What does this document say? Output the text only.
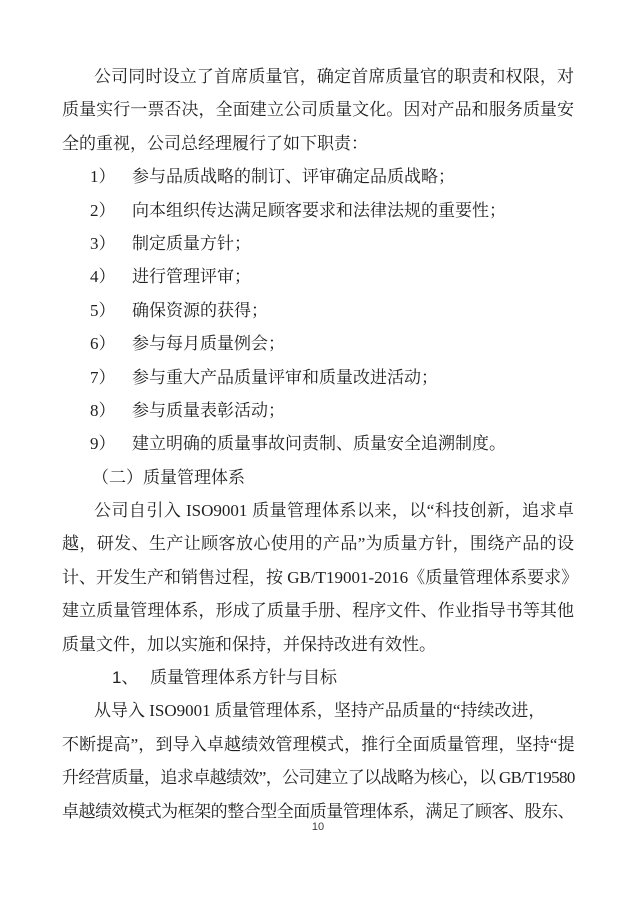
公司同时设立了首席质量官，确定首席质量官的职责和权限，对
质量实行一票否决，全面建立公司质量文化。因对产品和服务质量安
全的重视，公司总经理履行了如下职责：
1） 参与品质战略的制订、评审确定品质战略；
2） 向本组织传达满足顾客要求和法律法规的重要性；
3） 制定质量方针；
4） 进行管理评审；
5） 确保资源的获得；
6） 参与每月质量例会；
7） 参与重大产品质量评审和质量改进活动；
8） 参与质量表彰活动；
9） 建立明确的质量事故问责制、质量安全追溯制度。
（二）质量管理体系
公司自引入 ISO9001 质量管理体系以来，以“科技创新，追求卓
越，研发、生产让顾客放心使用的产品”为质量方针，围绕产品的设
计、开发生产和销售过程，按 GB/T19001-2016《质量管理体系要求》
建立质量管理体系，形成了质量手册、程序文件、作业指导书等其他
质量文件，加以实施和保持，并保持改进有效性。
1、 质量管理体系方针与目标
从导入 ISO9001 质量管理体系，坚持产品质量的“持续改进，
不断提高”，到导入卓越绩效管理模式，推行全面质量管理，坚持“提
升经营质量，追求卓越绩效”，公司建立了以战略为核心，以 GB/T19580
卓越绩效模式为框架的整合型全面质量管理体系，满足了顾客、股东、
10
